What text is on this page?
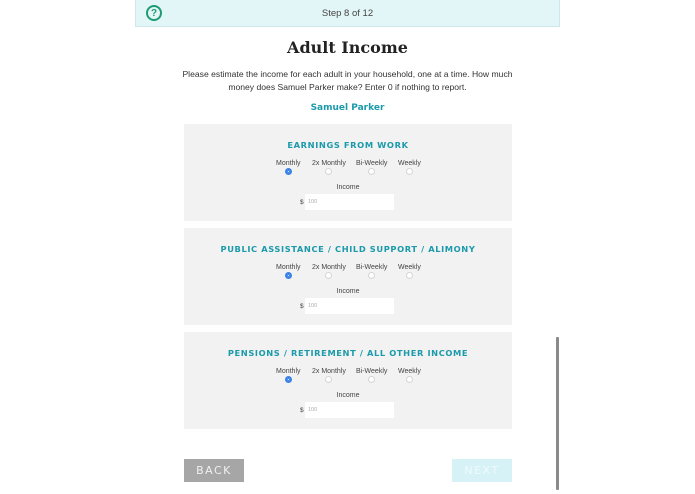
?	Step 8 of 12
Adult Income

Please estimate the income for each adult in your household, one at a time. How much money does Samuel Parker make? Enter 0 if nothing to report.

Samuel Parker
EARNINGS FROM WORK
Monthly 2x Monthly Bi-Weekly Weekly
Income
$
100
PUBLIC ASSISTANCE / CHILD SUPPORT / ALIMONY
Monthly 2x Monthly Bi-Weekly Weekly
Income
$
100
PENSIONS / RETIREMENT / ALL OTHER INCOME
Monthly 2x Monthly Bi-Weekly Weekly
Income
$
100
BACK	NEXT
